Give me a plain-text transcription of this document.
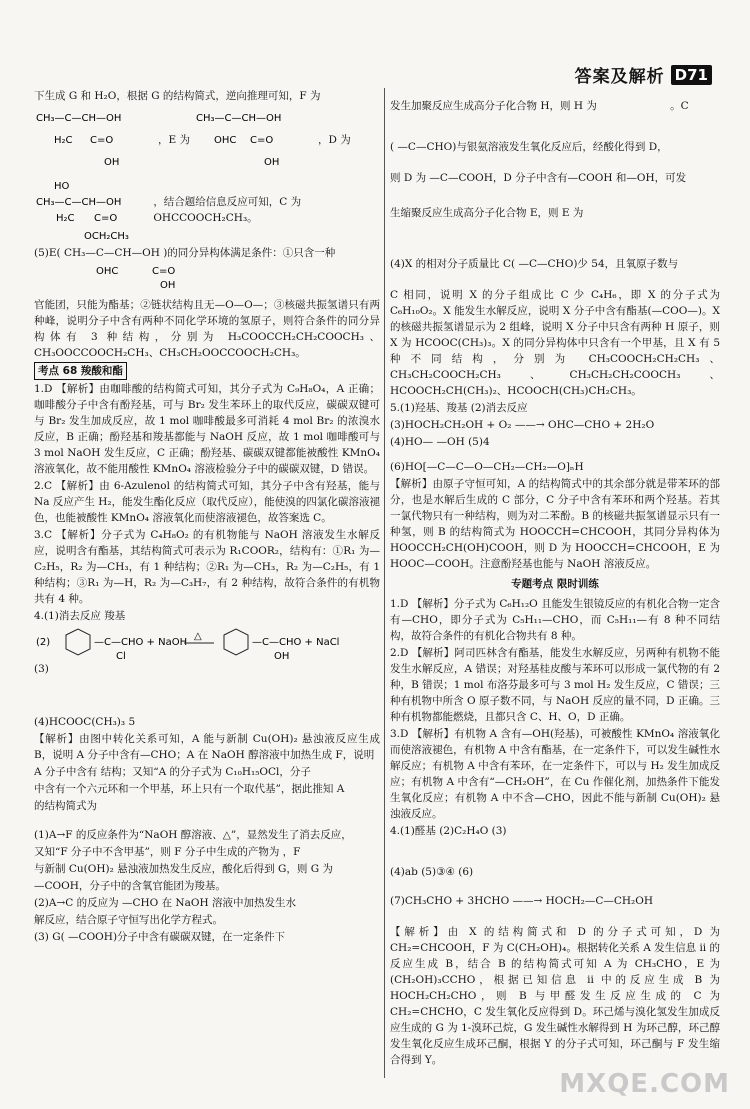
答案及解析 D71

下生成 G 和 H₂O，根据 G 的结构简式，逆向推理可知，F 为

CH₃—C—CH—OH
H₂C C=O
OH
，E 为
CH₃—C—CH—OH
OHC C=O
OH
，D 为
HO
CH₃—C—CH—OH
H₂C C=O
OCH₂CH₃
，结合题给信息反应可知，C 为 OHCCOOCH₂CH₃。

(5)E( CH₃—C—CH—OH )的同分异构体满足条件：①只含一种

OHC	C=O
OH

官能团，只能为酯基；②链状结构且无—O—O—；③核磁共振氢谱只有两种峰，说明分子中含有两种不同化学环境的氢原子，则符合条件的同分异构体有 3 种结构，分别为 H₃COOCCH₂CH₂COOCH₃、CH₃OOCCOOCH₂CH₃、CH₃CH₂OOCCOOCH₂CH₃。

考点 68 羧酸和酯

1.D 【解析】由咖啡酸的结构简式可知，其分子式为 C₉H₈O₄，A 正确；咖啡酸分子中含有酚羟基，可与 Br₂ 发生苯环上的取代反应，碳碳双键可与 Br₂ 发生加成反应，故 1 mol 咖啡酸最多可消耗 4 mol Br₂ 的浓溴水反应，B 正确；酚羟基和羧基都能与 NaOH 反应，故 1 mol 咖啡酸可与 3 mol NaOH 发生反应，C 正确；酚羟基、碳碳双键都能被酸性 KMnO₄ 溶液氧化，故不能用酸性 KMnO₄ 溶液检验分子中的碳碳双键，D 错误。

2.C 【解析】由 6-Azulenol 的结构简式可知，其分子中含有羟基，能与 Na 反应产生 H₂，能发生酯化反应（取代反应），能使溴的四氯化碳溶液褪色，也能被酸性 KMnO₄ 溶液氧化而使溶液褪色，故答案选 C。

3.C 【解析】分子式为 C₄H₈O₂ 的有机物能与 NaOH 溶液发生水解反应，说明含有酯基，其结构简式可表示为 R₁COOR₂，结构有：①R₁ 为—C₂H₅，R₂ 为—CH₃，有 1 种结构；②R₁ 为—CH₃，R₂ 为—C₂H₅，有 1 种结构；③R₁ 为—H，R₂ 为—C₃H₇，有 2 种结构，故符合条件的有机物共有 4 种。

4.(1)消去反应 羧基

(2)	—C—CHO + NaOH
△
—C—CHO + NaCl
Cl	OH

(3)

(4)HCOOC(CH₃)₃ 5

【解析】由图中转化关系可知，A 能与新制 Cu(OH)₂ 悬浊液反应生成 B，说明 A 分子中含有—CHO；A 在 NaOH 醇溶液中加热生成 F，说明

A 分子中含有 结构；又知“A 的分子式为 C₁₀H₁₅OCl，分子

中含有一个六元环和一个甲基，环上只有一个取代基”，据此推知 A

的结构简式为

(1)A→F 的反应条件为“NaOH 醇溶液、△”，显然发生了消去反应，

又知“F 分子中不含甲基”，则 F 分子中生成的产物为 ，F

与新制 Cu(OH)₂ 悬浊液加热发生反应，酸化后得到 G，则 G 为

—COOH，分子中的含氧官能团为羧基。

(2)A→C 的反应为 —CHO 在 NaOH 溶液中加热发生水

解反应，结合原子守恒写出化学方程式。

(3) G( —COOH)分子中含有碳碳双键，在一定条件下

发生加聚反应生成高分子化合物 H，则 H 为	。C

( —C—CHO)与银氨溶液发生氧化反应后，经酸化得到 D，

则 D 为 —C—COOH，D 分子中含有—COOH 和—OH，可发

生缩聚反应生成高分子化合物 E，则 E 为

(4)X 的相对分子质量比 C( —C—CHO)少 54，且氧原子数与

C 相同，说明 X 的分子组成比 C 少 C₄H₆，即 X 的分子式为 C₆H₁₀O₂。X 能发生水解反应，说明 X 分子中含有酯基(—COO—)。X 的核磁共振氢谱显示为 2 组峰，说明 X 分子中只含有两种 H 原子，则 X 为 HCOOC(CH₃)₃。X 的同分异构体中只含有一个甲基，且 X 有 5 种不同结构，分别为 CH₃COOCH₂CH₂CH₃、CH₃CH₂COOCH₂CH₃、CH₃CH₂CH₂COOCH₃、HCOOCH₂CH(CH₃)₂、HCOOCH(CH₃)CH₂CH₃。

5.(1)羟基、羧基 (2)消去反应

(3)HOCH₂CH₂OH + O₂ ——→ OHC—CHO + 2H₂O

(4)HO— —OH (5)4

(6)HO[—C—C—O—CH₂—CH₂—O]ₙH

【解析】由原子守恒可知，A 的结构简式中的其余部分就是带苯环的部分，也是水解后生成的 C 部分，C 分子中含有苯环和两个羟基。若其一氯代物只有一种结构，则为对二苯酚。B 的核磁共振氢谱显示只有一种氢，则 B 的结构简式为 HOOCCH=CHCOOH，其同分异构体为 HOOCCH₂CH(OH)COOH，则 D 为 HOOCCH=CHCOOH，E 为 HOOC—COOH。注意酚羟基也能与 NaOH 溶液反应。

专题考点 限时训练

1.D 【解析】分子式为 C₆H₁₂O 且能发生银镜反应的有机化合物一定含有—CHO，即分子式为 C₅H₁₁—CHO，而 C₅H₁₁—有 8 种不同结构，故符合条件的有机化合物共有 8 种。

2.D 【解析】阿司匹林含有酯基，能发生水解反应，另两种有机物不能发生水解反应，A 错误；对羟基桂皮酸与苯环可以形成一氯代物的有 2 种，B 错误；1 mol 布洛芬最多可与 3 mol H₂ 发生反应，C 错误；三种有机物中所含 O 原子数不同，与 NaOH 反应的量不同，D 正确。三种有机物都能燃烧，且都只含 C、H、O，D 正确。

3.D 【解析】有机物 A 含有—OH(羟基)，可被酸性 KMnO₄ 溶液氧化而使溶液褪色，有机物 A 中含有酯基，在一定条件下，可以发生碱性水解反应；有机物 A 中含有苯环，在一定条件下，可以与 H₂ 发生加成反应；有机物 A 中含有“—CH₂OH”，在 Cu 作催化剂，加热条件下能发生氧化反应；有机物 A 中不含—CHO，因此不能与新制 Cu(OH)₂ 悬浊液反应。

4.(1)醛基 (2)C₂H₄O (3)

(4)ab (5)③④ (6)

(7)CH₃CHO + 3HCHO ——→ HOCH₂—C—CH₂OH

【解析】由 X 的结构简式和 D 的分子式可知，D 为 CH₂=CHCOOH，F 为 C(CH₂OH)₄。根据转化关系 A 发生信息 ii 的反应生成 B，结合 B 的结构简式可知 A 为 CH₃CHO，E 为 (CH₂OH)₃CCHO，根据已知信息 ii 中的反应生成 B 为 HOCH₂CH₂CHO，则 B 与甲醛发生反应生成的 C 为 CH₂=CHCHO，C 发生氧化反应得到 D。环己烯与溴化氢发生加成反应生成的 G 为 1-溴环己烷，G 发生碱性水解得到 H 为环己醇，环己醇发生氧化反应生成环己酮，根据 Y 的分子式可知，环己酮与 F 发生缩合得到 Y。

MXQE.COM
